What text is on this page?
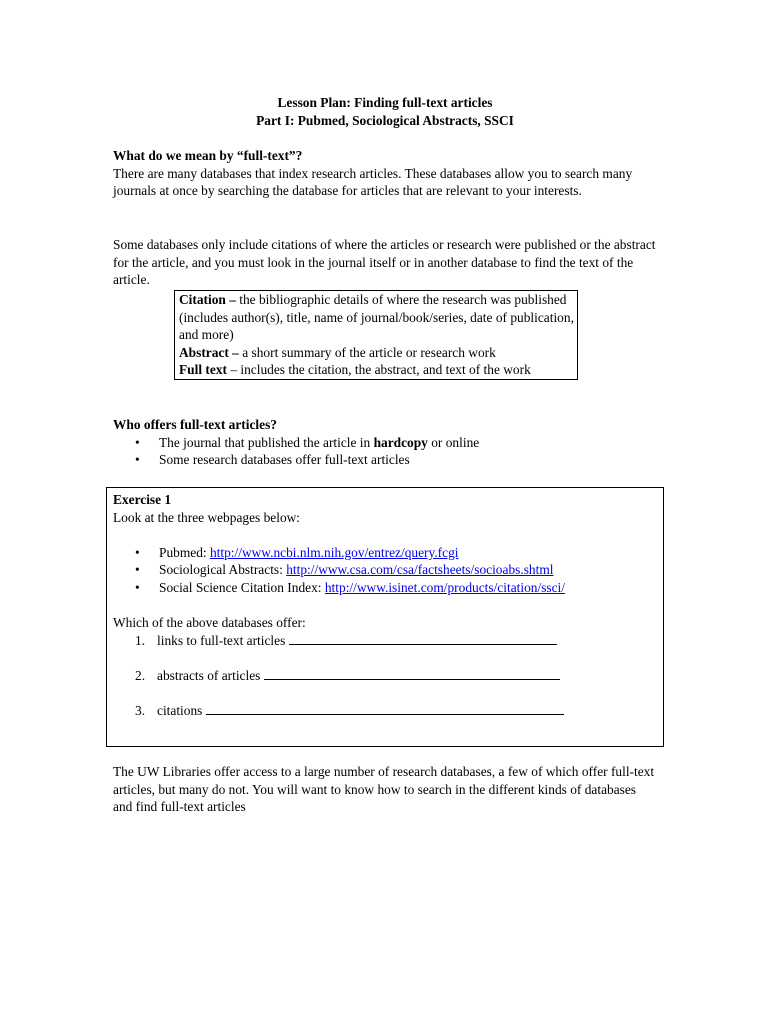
Lesson Plan: Finding full-text articles
Part I: Pubmed, Sociological Abstracts, SSCI

What do we mean by “full-text”?

There are many databases that index research articles. These databases allow you to search many journals at once by searching the database for articles that are relevant to your interests.

Some databases only include citations of where the articles or research were published or the abstract for the article, and you must look in the journal itself or in another database to find the text of the article.

Citation – the bibliographic details of where the research was published (includes author(s), title, name of journal/book/series, date of publication, and more)

Abstract – a short summary of the article or research work

Full text – includes the citation, the abstract, and text of the work

Who offers full-text articles?

• The journal that published the article in hardcopy or online
• Some research databases offer full-text articles

Exercise 1

Look at the three webpages below:

• Pubmed: http://www.ncbi.nlm.nih.gov/entrez/query.fcgi
• Sociological Abstracts: http://www.csa.com/csa/factsheets/socioabs.shtml
• Social Science Citation Index: http://www.isinet.com/products/citation/ssci/

Which of the above databases offer:

1. links to full-text articles
2. abstracts of articles
3. citations

The UW Libraries offer access to a large number of research databases, a few of which offer full-text articles, but many do not. You will want to know how to search in the different kinds of databases and find full-text articles
